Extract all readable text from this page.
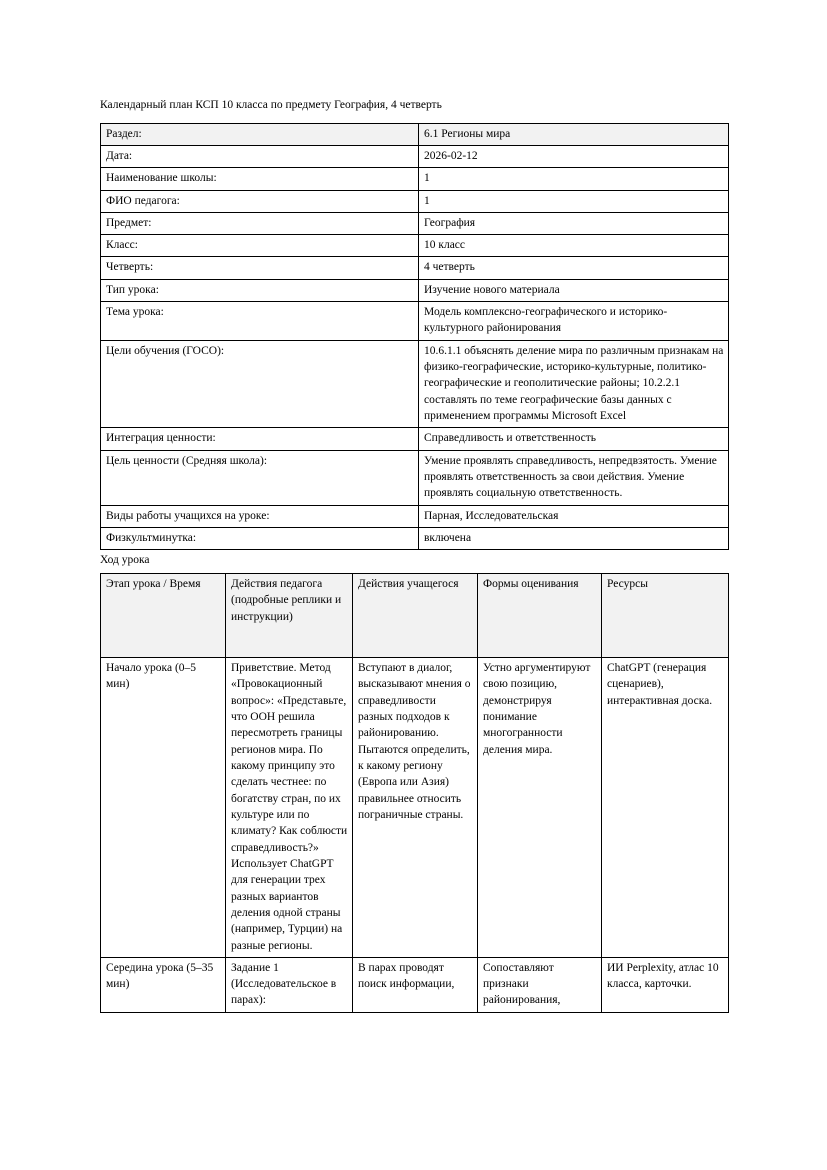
Календарный план КСП 10 класса по предмету География, 4 четверть
Раздел:	6.1 Регионы мира
Дата:	2026-02-12
Наименование школы:	1
ФИО педагога:	1
Предмет:	География
Класс:	10 класс
Четверть:	4 четверть
Тип урока:	Изучение нового материала
Тема урока:	Модель комплексно-географического и историко-культурного районирования
Цели обучения (ГОСО):	10.6.1.1 объяснять деление мира по различным признакам на физико-географические, историко-культурные, политико-географические и геополитические районы; 10.2.2.1 составлять по теме географические базы данных с применением программы Microsoft Excel
Интеграция ценности:	Справедливость и ответственность
Цель ценности (Средняя школа):	Умение проявлять справедливость, непредвзятость. Умение проявлять ответственность за свои действия. Умение проявлять социальную ответственность.
Виды работы учащихся на уроке:	Парная, Исследовательская
Физкультминутка:	включена
Ход урока
Этап урока / Время	Действия педагога (подробные реплики и инструкции)	Действия учащегося	Формы оценивания	Ресурсы
Начало урока (0–5 мин)	Приветствие. Метод «Провокационный вопрос»: «Представьте, что ООН решила пересмотреть границы регионов мира. По какому принципу это сделать честнее: по богатству стран, по их культуре или по климату? Как соблюсти справедливость?» Использует ChatGPT для генерации трех разных вариантов деления одной страны (например, Турции) на разные регионы.	Вступают в диалог, высказывают мнения о справедливости разных подходов к районированию. Пытаются определить, к какому региону (Европа или Азия) правильнее относить пограничные страны.	Устно аргументируют свою позицию, демонстрируя понимание многогранности деления мира.	ChatGPT (генерация сценариев), интерактивная доска.
Середина урока (5–35 мин)	Задание 1 (Исследовательское в парах):	В парах проводят поиск информации,	Сопоставляют признаки районирования,	ИИ Perplexity, атлас 10 класса, карточки.
